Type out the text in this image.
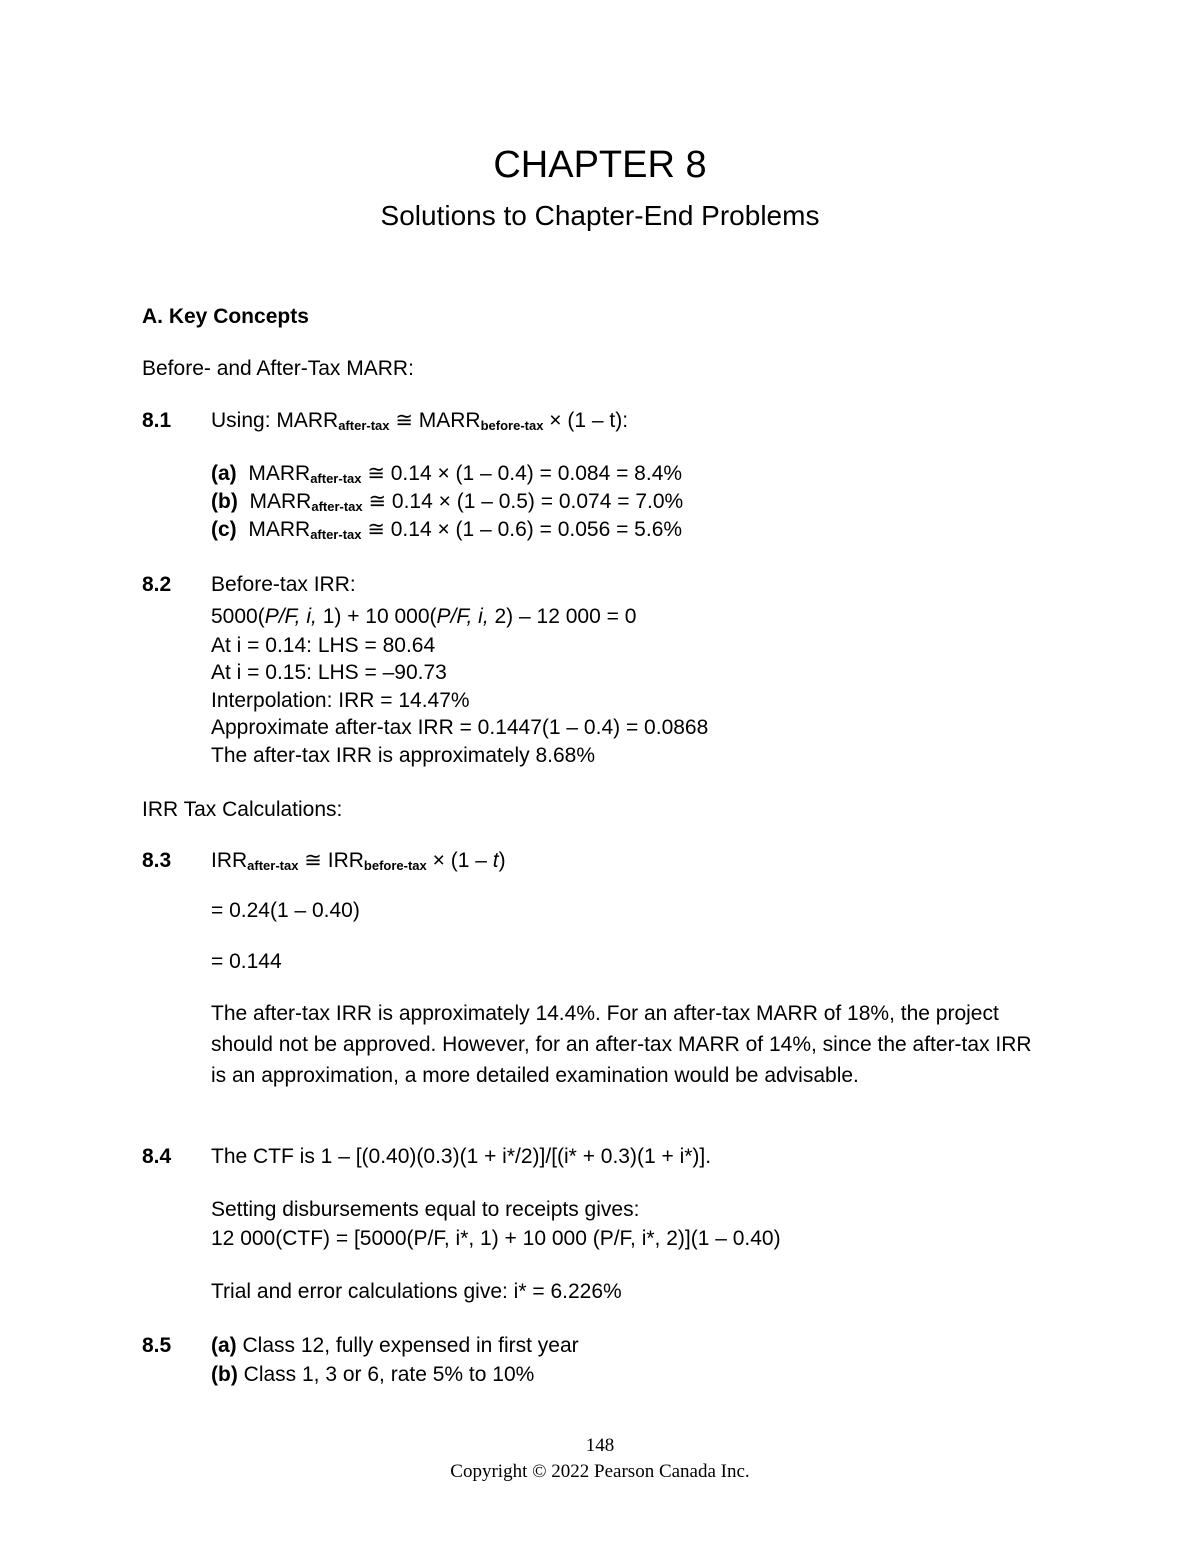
CHAPTER 8
Solutions to Chapter-End Problems
A. Key Concepts
Before- and After-Tax MARR:
8.1 Using: $MARR_{after-tax}$ ≅ $MARR_{before-tax} \times (1 - t)$:
(a) $MARR_{after-tax}$ ≅ 0.14 × (1 – 0.4) = 0.084 = 8.4%
(b) $MARR_{after-tax}$ ≅ 0.14 × (1 – 0.5) = 0.074 = 7.0%
(c) $MARR_{after-tax}$ ≅ 0.14 × (1 – 0.6) = 0.056 = 5.6%
8.2 Before-tax IRR:
5000(P/F, i, 1) + 10 000(P/F, i, 2) – 12 000 = 0
At i = 0.14: LHS = 80.64
At i = 0.15: LHS = –90.73
Interpolation: IRR = 14.47%
Approximate after-tax IRR = 0.1447(1 – 0.4) = 0.0868
The after-tax IRR is approximately 8.68%
IRR Tax Calculations:
8.3 $IRR_{after-tax}$ ≅ $IRR_{before-tax} \times (1 - t)$
= 0.24(1 – 0.40)
= 0.144
The after-tax IRR is approximately 14.4%. For an after-tax MARR of 18%, the project should not be approved. However, for an after-tax MARR of 14%, since the after-tax IRR is an approximation, a more detailed examination would be advisable.
8.4 The CTF is 1 – [(0.40)(0.3)(1 + i*/2)]/[(i* + 0.3)(1 + i*)].
Setting disbursements equal to receipts gives:
12 000(CTF) = [5000(P/F, i*, 1) + 10 000 (P/F, i*, 2)](1 – 0.40)
Trial and error calculations give: i* = 6.226%
8.5 (a) Class 12, fully expensed in first year
(b) Class 1, 3 or 6, rate 5% to 10%
148
Copyright © 2022 Pearson Canada Inc.
